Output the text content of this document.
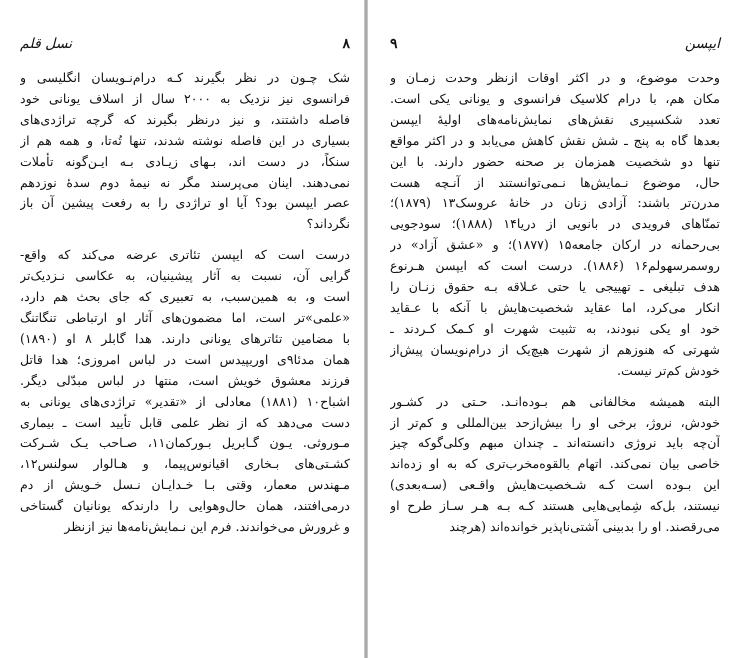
۸
نسل قلم
شک چـون در نظر بگیرند کـه درام‌نـویسان انگلیسی و
فرانسوی نیز نزدیک به ۲۰۰۰ سال از اسلاف یونانی خود
فاصله داشتند، و نیز درنظر بگیرند که گرچه تراژدی‌های
بسیاری در این فاصله نوشته شدند، تنها تُه‌تا، و همه‌ هم از
سنکاً، در دست اند، بـهای زیـادی بـه ایـن‌گونه تأملات
نمی‌دهند. اینان می‌پرسند مگر نه نیمهٔ دوم سدهٔ نوزدهم
عصر ایپسن بود؟ آیا او تراژدی را به رفعت پیشین آن باز
نگرداند؟
درست است که ایپسن تئاتری عرضه می‌کند که واقع‌-
گرایی آن، نسبت به آثار پیشینیان، به عکاسی نـزدیک‌تر
است و، به همین‌سبب، به تعبیری که جای بحث هم دارد،
«علمی»تر است، اما مضمون‌های آثار او ارتباطی تنگاتنگ
با مضامین تئاترهای یونانی دارند. هدا گابلر ۸ او (۱۸۹۰)
همان مدئا۹ی اوریپیدس است در لباس امروزی؛ هدا قاتل
فرزند معشوق خویش است، منتها در لباس مبدّلی دیگر.
اشباح۱۰ (۱۸۸۱) معادلی از «تقدیر» تراژدی‌های یونانی به
دست می‌دهد که از نظر علمی قابل تأیید است ـ بیماری
مـوروثی. یـون گـابریل بـورکمان۱۱، صـاحب یـک شـرکت
کشـتی‌های بـخاری اقیانوس‌پیما، و هـالوار سولنس۱۲،
مـهندس معمار، وقتی بـا خـدایـان نـسل خـویش از دم
درمی‌افتند، همان حال‌وهوایی را دارندکه یونانیان گستاخی
و غرورش می‌خواندند. فرم این نـمایش‌نامه‌ها نیز ازنظر
ایپسن
۹
وحدت موضوع، و در اکثر اوقات ازنظر وحدت زمـان و
مکان هم، با درام کلاسیک فرانسوی و یونانی یکی است.
تعدد شکسپیری نقش‌های نمایش‌نامه‌های اولیهٔ ایپسن
بعدها گاه به پنج ـ شش نقش کاهش می‌یابد و در اکثر مواقع
تنها دو شخصیت همزمان بر صحنه حضور دارند. با این
حال، موضوع نـمایش‌ها نـمی‌توانستند از آنـچه هست
مدرن‌تر باشند: آزادی زنان در خانهٔ عروسک۱۳ (۱۸۷۹)؛
تمنّاهای فرویدی در بانویی از دریا۱۴ (۱۸۸۸)؛ سودجویی
بی‌رحمانه در ارکان جامعه۱۵ (۱۸۷۷)؛ و «عشق آزاد» در
روسمرسهولم۱۶ (۱۸۸۶). درست است که ایپسن هـرنوع
هدف تبلیغی ـ تهییجی یا حتی عـلاقه بـه حقوق زنـان را
انکار می‌کرد، اما عقاید شخصیت‌هایش با آنکه با عـقاید
خود او یکی نبودند، به تثبیت شهرت او کـمک کـردند ـ
شهرتی که هنوزهم از شهرت هیچ‌یک از درام‌نویسان پیش‌از
خودش کم‌تر نیست.
البته همیشه مخالفانی هم بـوده‌انـد. حـتی در کشـور
خودش، نروژ، برخی او را بیش‌ازحد بین‌المللی و کم‌تر از
آن‌چه باید نروژی دانسته‌اند ـ چندان مبهم وکلی‌گوکه چیز
خاصی بیان نمی‌کند. اتهام بالقوه‌مخرب‌تری که به او زده‌اند
این بـوده است کـه شـخصیت‌هایش واقـعی (سـه‌بعدی)
نیستند، بل‌که شِمایی‌هایی هستند کـه بـه هـر سـاز طرح او
می‌رقصند. او را بدبینی آشتی‌ناپذیر خوانده‌اند (هرچند
